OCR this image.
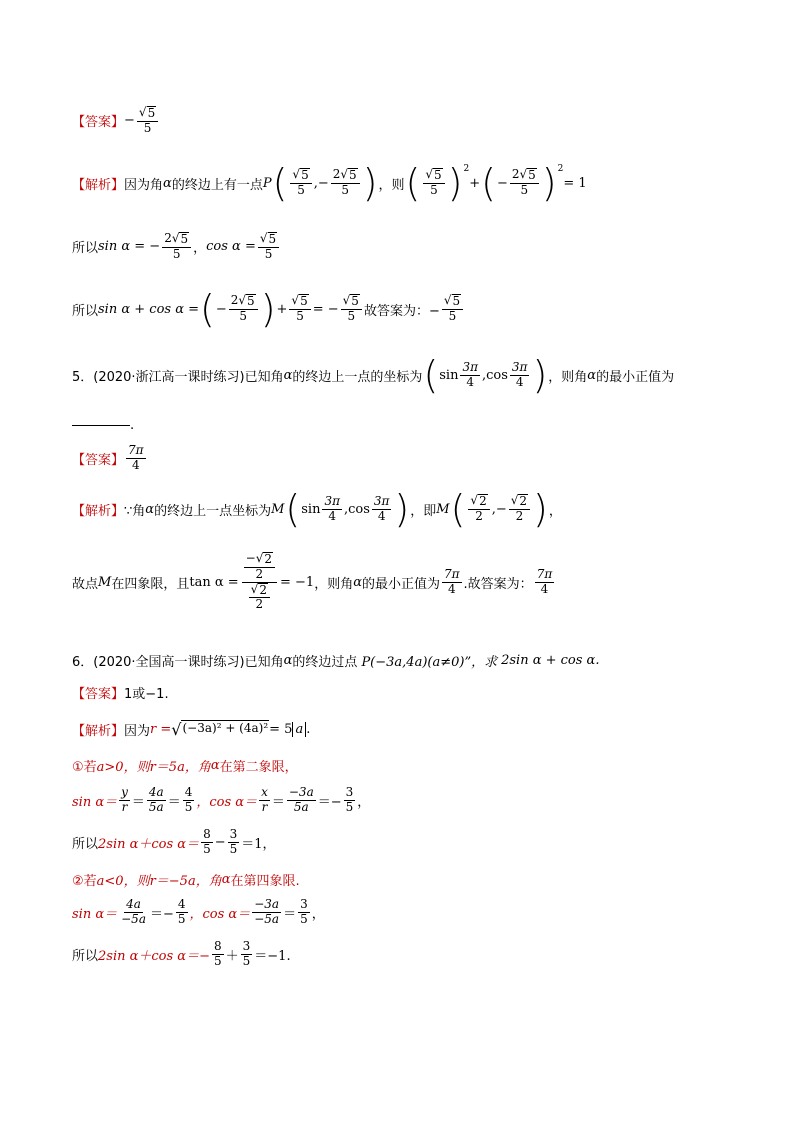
【答案】 − $\frac{√ 5}{5}$
【解析】 因为角 α 的终边上有一点 P ( $\frac{√ 5}{5}$ ,− $\frac{2 √ 5}{5}$ ) ，则 ( $\frac{√ 5}{5}$ ) 2
+ ( − $\frac{2 √ 5}{5}$ ) 2
= 1
所以 sin α = − $\frac{2 √ 5}{5}$ ， $\cos \alpha = \frac{√ 5}{5}$
所以 sin α + cos α = ( − $\frac{2 √ 5}{5}$ ) + $\frac{√ 5}{5}$ = − $\frac{√ 5}{5}$ 故答案为：− $\frac{√ 5}{5}$
5．(2020·浙江高一课时练习)已知角 α 的终边上一点的坐标为 ( $\sin \frac{3\pi}{4}$ , $\cos \frac{3\pi}{4}$ ) ，则角 α 的最小正值为
.
【答案】 $\frac{7\pi}{4}$
【解析】 ∵角 α 的终边上一点坐标为 M ( $\sin \frac{3\pi}{4}$ , $\cos \frac{3\pi}{4}$ ) ，即 M ( $\frac{√ 2}{2}$ ,− $\frac{√ 2}{2}$ ) ，
故点 M 在四象限，且 $\tan \alpha = \frac{\frac{- √ 2}{2}}{\frac{√ 2}{2}} = -1$ ，则角 α 的最小正值为 $\frac{7\pi}{4}$ .故答案为： $\frac{7\pi}{4}$
6．(2020·全国高一课时练习)已知角 α 的终边过点 P(−3a,4a)(a≠0)”，求 2sin α + cos α.
【答案】 1或−1.
【解析】 因为 r = √ (−3a)² + (4a)² = 5 a .
①若 a>0，则 r＝5a，角 α 在第二象限，
$\sin \alpha= \frac{y}{r} = \frac{4a}{5a} = \frac{4}{5}$ ，$\cos \alpha= \frac{x}{r} = \frac{-3a}{5a} =- \frac{3}{5}$ ，
所以 2sin α＋cos $\alpha= \frac{8}{5} - \frac{3}{5} =1$，
②若 a<0，则 r＝−5a，角 α 在第四象限.
$\sin \alpha= \frac{4a}{-5a} =- \frac{4}{5}$ ，$\cos \alpha= \frac{-3a}{-5a} = \frac{3}{5}$ ，
所以 2sin α＋cos $\alpha=- \frac{8}{5} + \frac{3}{5} =-1$.
